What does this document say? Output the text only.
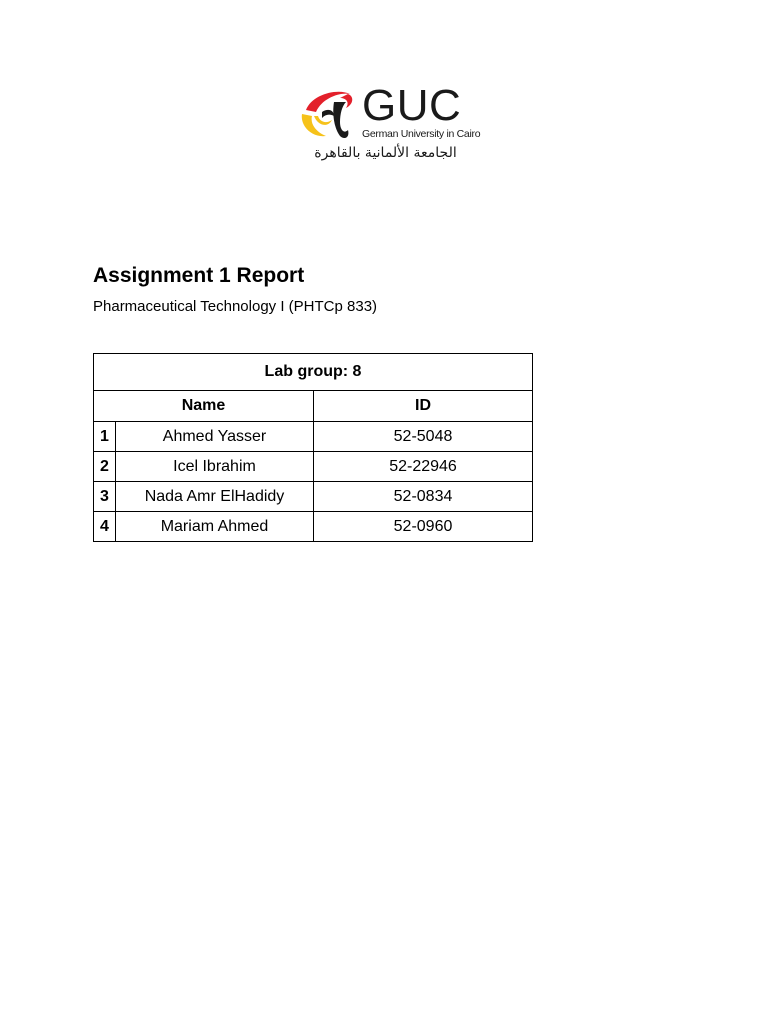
GUC
German University in Cairo
الجامعة الألمانية بالقاهرة
Assignment 1 Report

Pharmaceutical Technology I (PHTCp 833)

Lab group: 8		
Name		ID
1	Ahmed Yasser	52-5048
2	Icel Ibrahim	52-22946
3	Nada Amr ElHadidy	52-0834
4	Mariam Ahmed	52-0960
